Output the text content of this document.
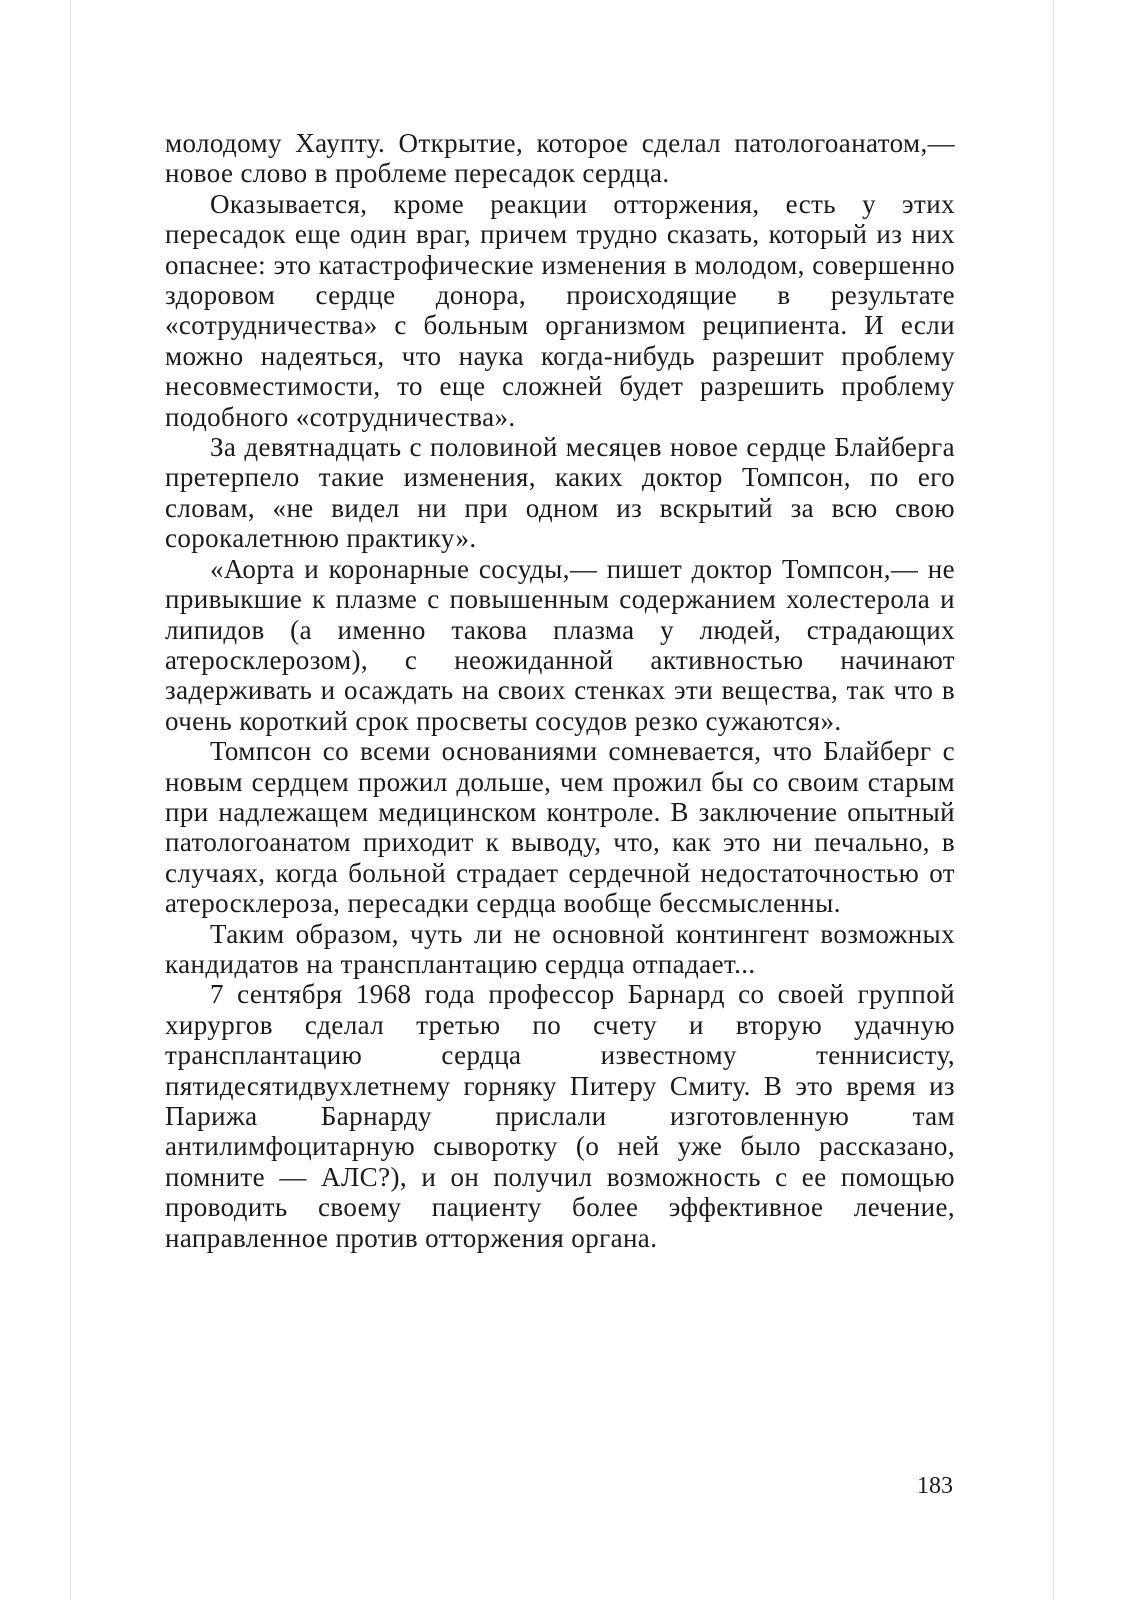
молодому Хаупту. Открытие, которое сделал патологоанатом,— новое слово в проблеме пересадок сердца.

Оказывается, кроме реакции отторжения, есть у этих пересадок еще один враг, причем трудно сказать, который из них опаснее: это катастрофические изменения в молодом, совершенно здоровом сердце донора, происходящие в результате «сотрудничества» с больным организмом реципиента. И если можно надеяться, что наука когда-нибудь разрешит проблему несовместимости, то еще сложней будет разрешить проблему подобного «сотрудничества».

За девятнадцать с половиной месяцев новое сердце Блайберга претерпело такие изменения, каких доктор Томпсон, по его словам, «не видел ни при одном из вскрытий за всю свою сорокалетнюю практику».

«Аорта и коронарные сосуды,— пишет доктор Томпсон,— не привыкшие к плазме с повышенным содержанием холестерола и липидов (а именно такова плазма у людей, страдающих атеросклерозом), с неожиданной активностью начинают задерживать и осаждать на своих стенках эти вещества, так что в очень короткий срок просветы сосудов резко сужаются».

Томпсон со всеми основаниями сомневается, что Блайберг с новым сердцем прожил дольше, чем прожил бы со своим старым при надлежащем медицинском контроле. В заключение опытный патологоанатом приходит к выводу, что, как это ни печально, в случаях, когда больной страдает сердечной недостаточностью от атеросклероза, пересадки сердца вообще бессмысленны.

Таким образом, чуть ли не основной контингент возможных кандидатов на трансплантацию сердца отпадает...

7 сентября 1968 года профессор Барнард со своей группой хирургов сделал третью по счету и вторую удачную трансплантацию сердца известному теннисисту, пятидесятидвухлетнему горняку Питеру Смиту. В это время из Парижа Барнарду прислали изготовленную там антилимфоцитарную сыворотку (о ней уже было рассказано, помните — АЛС?), и он получил возможность с ее помощью проводить своему пациенту более эффективное лечение, направленное против отторжения органа.

183
